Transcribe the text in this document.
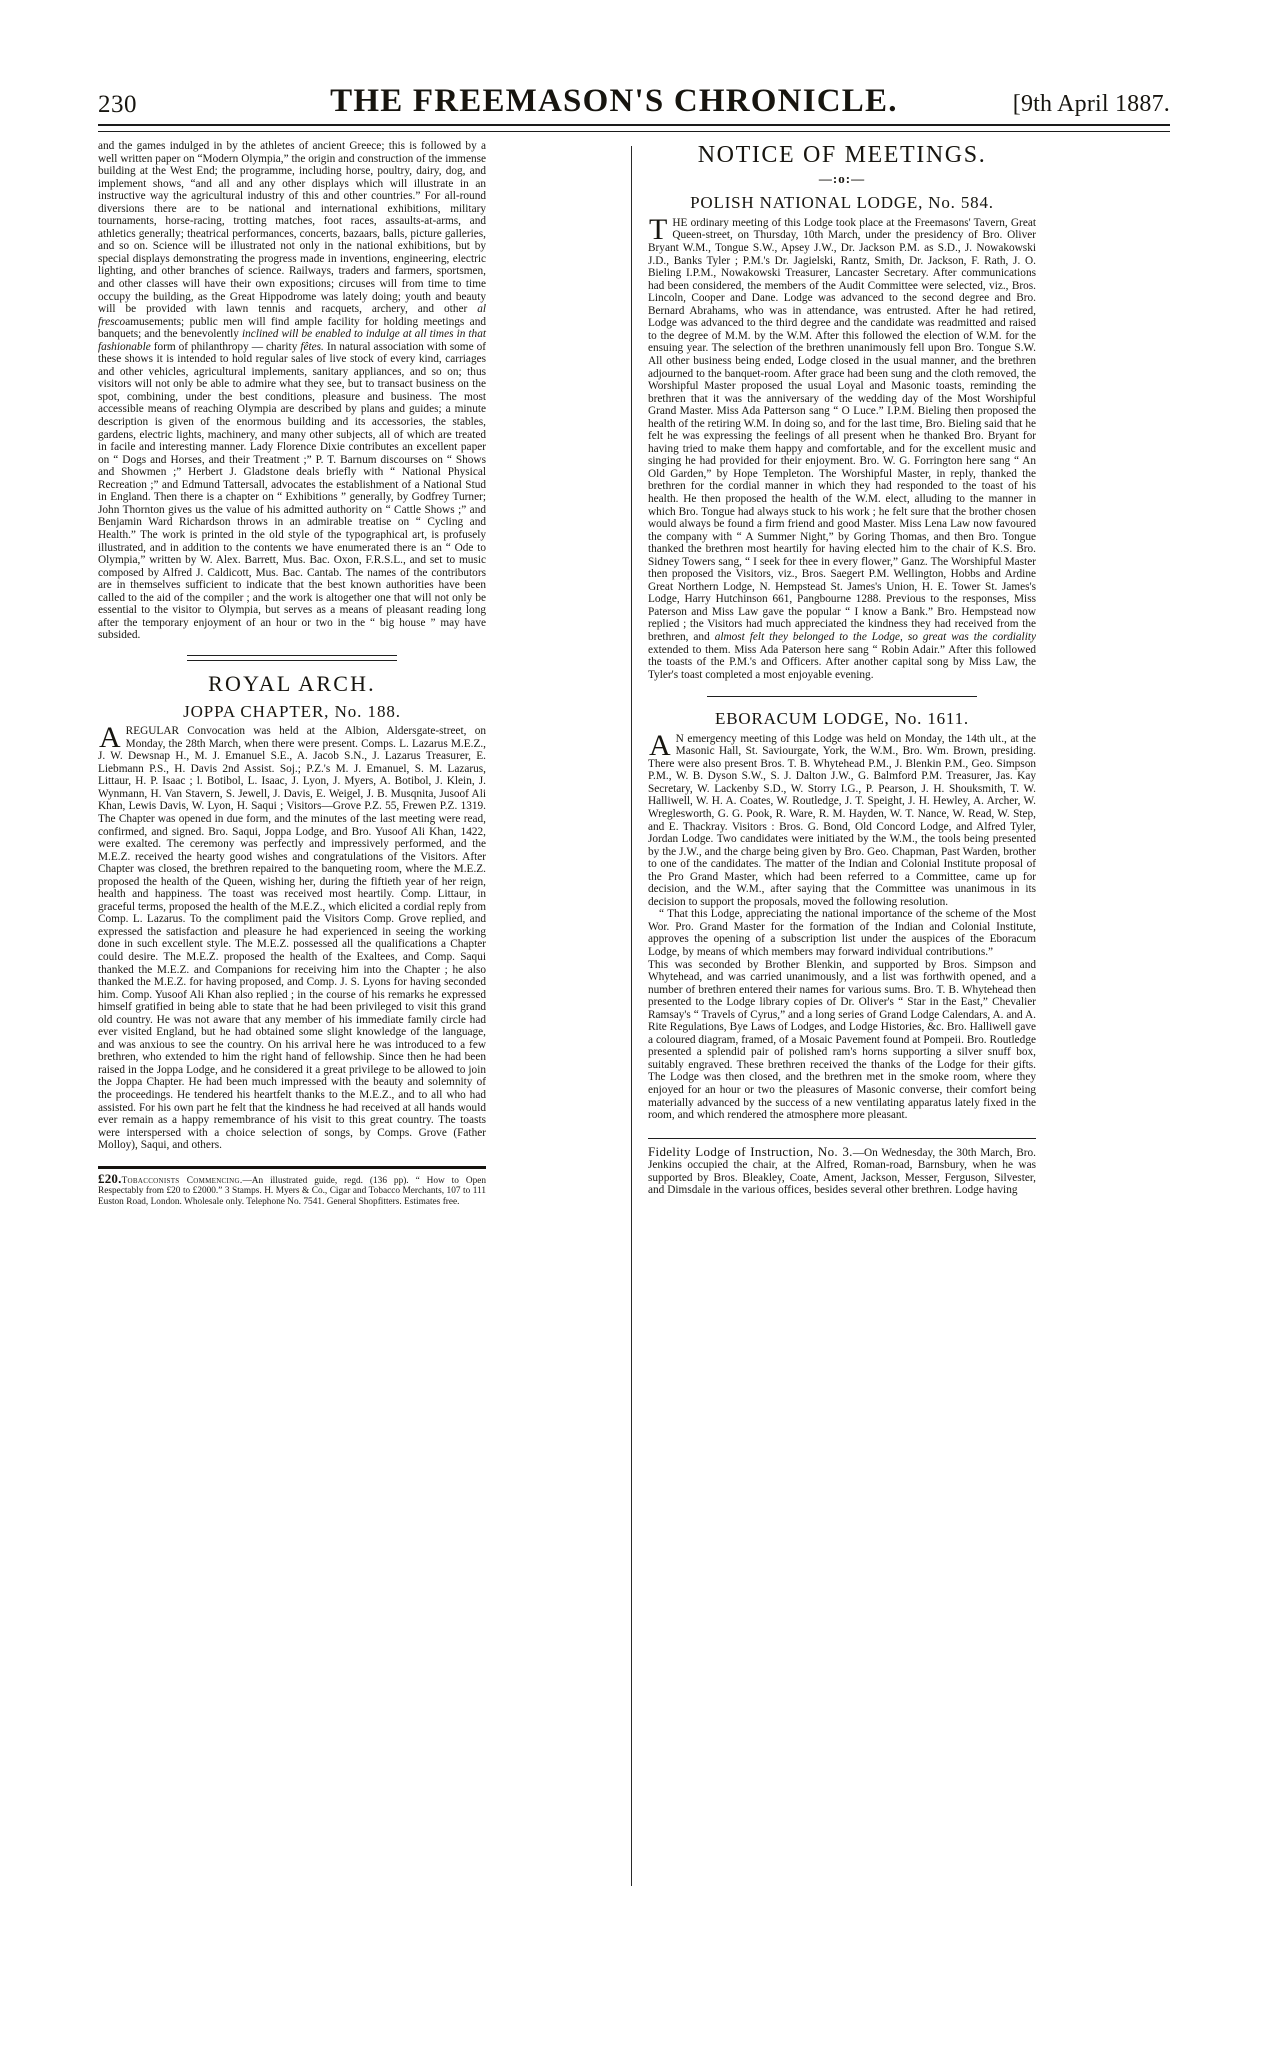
230	THE FREEMASON'S CHRONICLE.	[9th April 1887.

and the games indulged in by the athletes of ancient Greece; this is followed by a well written paper on “Modern Olympia,” the origin and construction of the immense building at the West End; the programme, including horse, poultry, dairy, dog, and implement shows, “and all and any other displays which will illustrate in an instructive way the agricultural industry of this and other countries.” For all-round diversions there are to be national and international exhibitions, military tournaments, horse-racing, trotting matches, foot races, assaults-at-arms, and athletics generally; theatrical performances, concerts, bazaars, balls, picture galleries, and so on. Science will be illustrated not only in the national exhibitions, but by special displays demonstrating the progress made in inventions, engineering, electric lighting, and other branches of science. Railways, traders and farmers, sportsmen, and other classes will have their own expositions; circuses will from time to time occupy the building, as the Great Hippodrome was lately doing; youth and beauty will be provided with lawn tennis and racquets, archery, and other al frescoamusements; public men will find ample facility for holding meetings and banquets; and the benevolently inclined will be enabled to indulge at all times in that fashionable form of philanthropy — charity fêtes. In natural association with some of these shows it is intended to hold regular sales of live stock of every kind, carriages and other vehicles, agricultural implements, sanitary appliances, and so on; thus visitors will not only be able to admire what they see, but to transact business on the spot, combining, under the best conditions, pleasure and business. The most accessible means of reaching Olympia are described by plans and guides; a minute description is given of the enormous building and its accessories, the stables, gardens, electric lights, machinery, and many other subjects, all of which are treated in facile and interesting manner. Lady Florence Dixie contributes an excellent paper on “ Dogs and Horses, and their Treatment ;” P. T. Barnum discourses on “ Shows and Showmen ;” Herbert J. Gladstone deals briefly with “ National Physical Recreation ;” and Edmund Tattersall, advocates the establishment of a National Stud in England. Then there is a chapter on “ Exhibitions ” generally, by Godfrey Turner; John Thornton gives us the value of his admitted authority on “ Cattle Shows ;” and Benjamin Ward Richardson throws in an admirable treatise on “ Cycling and Health.” The work is printed in the old style of the typographical art, is profusely illustrated, and in addition to the contents we have enumerated there is an “ Ode to Olympia,” written by W. Alex. Barrett, Mus. Bac. Oxon, F.R.S.L., and set to music composed by Alfred J. Caldicott, Mus. Bac. Cantab. The names of the contributors are in themselves sufficient to indicate that the best known authorities have been called to the aid of the compiler ; and the work is altogether one that will not only be essential to the visitor to Olympia, but serves as a means of pleasant reading long after the temporary enjoyment of an hour or two in the “ big house ” may have subsided.

ROYAL ARCH.
JOPPA CHAPTER, No. 188.

AREGULAR Convocation was held at the Albion, Aldersgate-street, on Monday, the 28th March, when there were present. Comps. L. Lazarus M.E.Z., J. W. Dewsnap H., M. J. Emanuel S.E., A. Jacob S.N., J. Lazarus Treasurer, E. Liebmann P.S., H. Davis 2nd Assist. Soj.; P.Z.'s M. J. Emanuel, S. M. Lazarus, Littaur, H. P. Isaac ; l. Botibol, L. Isaac, J. Lyon, J. Myers, A. Botibol, J. Klein, J. Wynmann, H. Van Stavern, S. Jewell, J. Davis, E. Weigel, J. B. Musqnita, Jusoof Ali Khan, Lewis Davis, W. Lyon, H. Saqui ; Visitors—Grove P.Z. 55, Frewen P.Z. 1319. The Chapter was opened in due form, and the minutes of the last meeting were read, confirmed, and signed. Bro. Saqui, Joppa Lodge, and Bro. Yusoof Ali Khan, 1422, were exalted. The ceremony was perfectly and impressively performed, and the M.E.Z. received the hearty good wishes and congratulations of the Visitors. After Chapter was closed, the brethren repaired to the banqueting room, where the M.E.Z. proposed the health of the Queen, wishing her, during the fiftieth year of her reign, health and happiness. The toast was received most heartily. Comp. Littaur, in graceful terms, proposed the health of the M.E.Z., which elicited a cordial reply from Comp. L. Lazarus. To the compliment paid the Visitors Comp. Grove replied, and expressed the satisfaction and pleasure he had experienced in seeing the working done in such excellent style. The M.E.Z. possessed all the qualifications a Chapter could desire. The M.E.Z. proposed the health of the Exaltees, and Comp. Saqui thanked the M.E.Z. and Companions for receiving him into the Chapter ; he also thanked the M.E.Z. for having proposed, and Comp. J. S. Lyons for having seconded him. Comp. Yusoof Ali Khan also replied ; in the course of his remarks he expressed himself gratified in being able to state that he had been privileged to visit this grand old country. He was not aware that any member of his immediate family circle had ever visited England, but he had obtained some slight knowledge of the language, and was anxious to see the country. On his arrival here he was introduced to a few brethren, who extended to him the right hand of fellowship. Since then he had been raised in the Joppa Lodge, and he considered it a great privilege to be allowed to join the Joppa Chapter. He had been much impressed with the beauty and solemnity of the proceedings. He tendered his heartfelt thanks to the M.E.Z., and to all who had assisted. For his own part he felt that the kindness he had received at all hands would ever remain as a happy remembrance of his visit to this great country. The toasts were interspersed with a choice selection of songs, by Comps. Grove (Father Molloy), Saqui, and others.

£20.Tobacconists Commencing.—An illustrated guide, regd. (136 pp). “ How to Open Respectably from £20 to £2000.” 3 Stamps. H. Myers & Co., Cigar and Tobacco Merchants, 107 to 111 Euston Road, London. Wholesale only. Telephone No. 7541. General Shopfitters. Estimates free.

NOTICE OF MEETINGS.
—:o:—
POLISH NATIONAL LODGE, No. 584.

THE ordinary meeting of this Lodge took place at the Freemasons' Tavern, Great Queen-street, on Thursday, 10th March, under the presidency of Bro. Oliver Bryant W.M., Tongue S.W., Apsey J.W., Dr. Jackson P.M. as S.D., J. Nowakowski J.D., Banks Tyler ; P.M.'s Dr. Jagielski, Rantz, Smith, Dr. Jackson, F. Rath, J. O. Bieling I.P.M., Nowakowski Treasurer, Lancaster Secretary. After communications had been considered, the members of the Audit Committee were selected, viz., Bros. Lincoln, Cooper and Dane. Lodge was advanced to the second degree and Bro. Bernard Abrahams, who was in attendance, was entrusted. After he had retired, Lodge was advanced to the third degree and the candidate was readmitted and raised to the degree of M.M. by the W.M. After this followed the election of W.M. for the ensuing year. The selection of the brethren unanimously fell upon Bro. Tongue S.W. All other business being ended, Lodge closed in the usual manner, and the brethren adjourned to the banquet-room. After grace had been sung and the cloth removed, the Worshipful Master proposed the usual Loyal and Masonic toasts, reminding the brethren that it was the anniversary of the wedding day of the Most Worshipful Grand Master. Miss Ada Patterson sang “ O Luce.” I.P.M. Bieling then proposed the health of the retiring W.M. In doing so, and for the last time, Bro. Bieling said that he felt he was expressing the feelings of all present when he thanked Bro. Bryant for having tried to make them happy and comfortable, and for the excellent music and singing he had provided for their enjoyment. Bro. W. G. Forrington here sang “ An Old Garden,” by Hope Templeton. The Worshipful Master, in reply, thanked the brethren for the cordial manner in which they had responded to the toast of his health. He then proposed the health of the W.M. elect, alluding to the manner in which Bro. Tongue had always stuck to his work ; he felt sure that the brother chosen would always be found a firm friend and good Master. Miss Lena Law now favoured the company with “ A Summer Night,” by Goring Thomas, and then Bro. Tongue thanked the brethren most heartily for having elected him to the chair of K.S. Bro. Sidney Towers sang, “ I seek for thee in every flower,” Ganz. The Worshipful Master then proposed the Visitors, viz., Bros. Saegert P.M. Wellington, Hobbs and Ardine Great Northern Lodge, N. Hempstead St. James's Union, H. E. Tower St. James's Lodge, Harry Hutchinson 661, Pangbourne 1288. Previous to the responses, Miss Paterson and Miss Law gave the popular “ I know a Bank.” Bro. Hempstead now replied ; the Visitors had much appreciated the kindness they had received from the brethren, and almost felt they belonged to the Lodge, so great was the cordiality extended to them. Miss Ada Paterson here sang “ Robin Adair.” After this followed the toasts of the P.M.'s and Officers. After another capital song by Miss Law, the Tyler's toast completed a most enjoyable evening.

EBORACUM LODGE, No. 1611.

A N emergency meeting of this Lodge was held on Monday, the 14th ult., at the Masonic Hall, St. Saviourgate, York, the W.M., Bro. Wm. Brown, presiding. There were also present Bros. T. B. Whytehead P.M., J. Blenkin P.M., Geo. Simpson P.M., W. B. Dyson S.W., S. J. Dalton J.W., G. Balmford P.M. Treasurer, Jas. Kay Secretary, W. Lackenby S.D., W. Storry I.G., P. Pearson, J. H. Shouksmith, T. W. Halliwell, W. H. A. Coates, W. Routledge, J. T. Speight, J. H. Hewley, A. Archer, W. Wreglesworth, G. G. Pook, R. Ware, R. M. Hayden, W. T. Nance, W. Read, W. Step, and E. Thackray. Visitors : Bros. G. Bond, Old Concord Lodge, and Alfred Tyler, Jordan Lodge. Two candidates were initiated by the W.M., the tools being presented by the J.W., and the charge being given by Bro. Geo. Chapman, Past Warden, brother to one of the candidates. The matter of the Indian and Colonial Institute proposal of the Pro Grand Master, which had been referred to a Committee, came up for decision, and the W.M., after saying that the Committee was unanimous in its decision to support the proposals, moved the following resolution.

“ That this Lodge, appreciating the national importance of the scheme of the Most Wor. Pro. Grand Master for the formation of the Indian and Colonial Institute, approves the opening of a subscription list under the auspices of the Eboracum Lodge, by means of which members may forward individual contributions.”

This was seconded by Brother Blenkin, and supported by Bros. Simpson and Whytehead, and was carried unanimously, and a list was forthwith opened, and a number of brethren entered their names for various sums. Bro. T. B. Whytehead then presented to the Lodge library copies of Dr. Oliver's “ Star in the East,” Chevalier Ramsay's “ Travels of Cyrus,” and a long series of Grand Lodge Calendars, A. and A. Rite Regulations, Bye Laws of Lodges, and Lodge Histories, &c. Bro. Halliwell gave a coloured diagram, framed, of a Mosaic Pavement found at Pompeii. Bro. Routledge presented a splendid pair of polished ram's horns supporting a silver snuff box, suitably engraved. These brethren received the thanks of the Lodge for their gifts. The Lodge was then closed, and the brethren met in the smoke room, where they enjoyed for an hour or two the pleasures of Masonic converse, their comfort being materially advanced by the success of a new ventilating apparatus lately fixed in the room, and which rendered the atmosphere more pleasant.

Fidelity Lodge of Instruction, No. 3.—On Wednesday, the 30th March, Bro. Jenkins occupied the chair, at the Alfred, Roman-road, Barnsbury, when he was supported by Bros. Bleakley, Coate, Ament, Jackson, Messer, Ferguson, Silvester, and Dimsdale in the various offices, besides several other brethren. Lodge having
